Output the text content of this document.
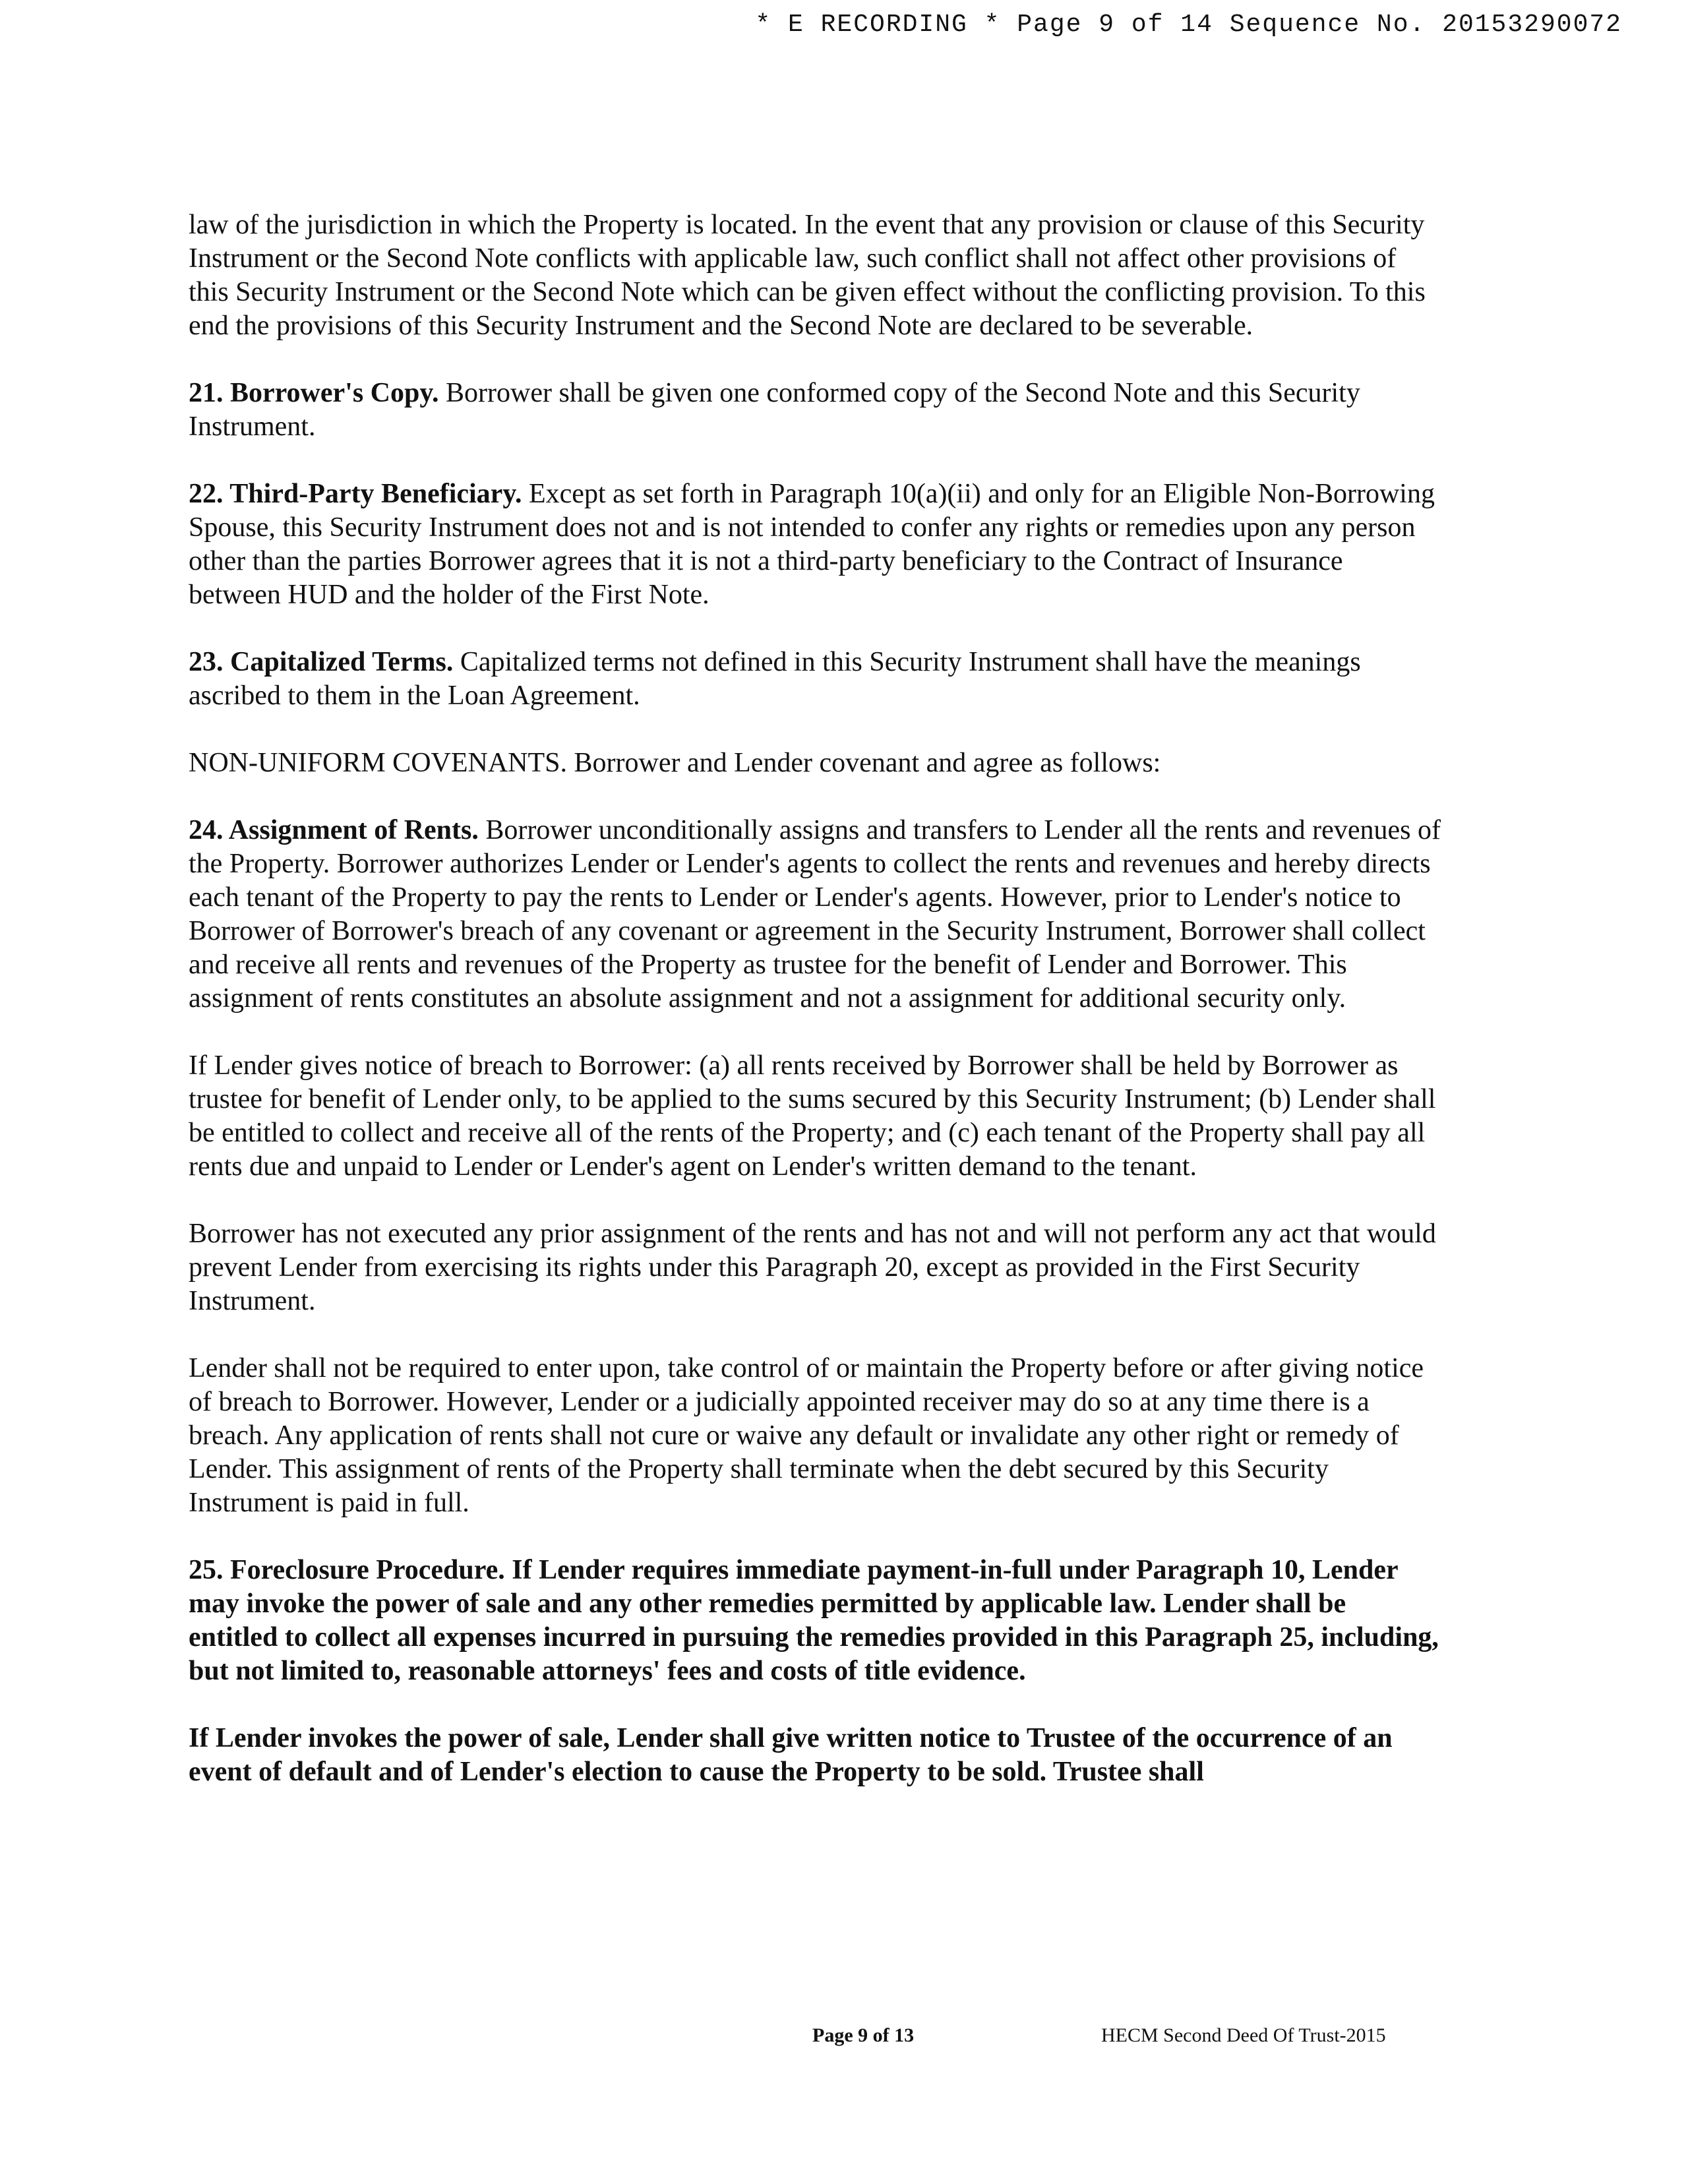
* E RECORDING * Page 9 of 14 Sequence No. 20153290072

law of the jurisdiction in which the Property is located. In the event that any provision or clause of this Security Instrument or the Second Note conflicts with applicable law, such conflict shall not affect other provisions of this Security Instrument or the Second Note which can be given effect without the conflicting provision. To this end the provisions of this Security Instrument and the Second Note are declared to be severable.

21. Borrower's Copy. Borrower shall be given one conformed copy of the Second Note and this Security Instrument.

22. Third-Party Beneficiary. Except as set forth in Paragraph 10(a)(ii) and only for an Eligible Non-Borrowing Spouse, this Security Instrument does not and is not intended to confer any rights or remedies upon any person other than the parties Borrower agrees that it is not a third-party beneficiary to the Contract of Insurance between HUD and the holder of the First Note.

23. Capitalized Terms. Capitalized terms not defined in this Security Instrument shall have the meanings ascribed to them in the Loan Agreement.

NON-UNIFORM COVENANTS. Borrower and Lender covenant and agree as follows:

24. Assignment of Rents. Borrower unconditionally assigns and transfers to Lender all the rents and revenues of the Property. Borrower authorizes Lender or Lender's agents to collect the rents and revenues and hereby directs each tenant of the Property to pay the rents to Lender or Lender's agents. However, prior to Lender's notice to Borrower of Borrower's breach of any covenant or agreement in the Security Instrument, Borrower shall collect and receive all rents and revenues of the Property as trustee for the benefit of Lender and Borrower. This assignment of rents constitutes an absolute assignment and not a assignment for additional security only.

If Lender gives notice of breach to Borrower: (a) all rents received by Borrower shall be held by Borrower as trustee for benefit of Lender only, to be applied to the sums secured by this Security Instrument; (b) Lender shall be entitled to collect and receive all of the rents of the Property; and (c) each tenant of the Property shall pay all rents due and unpaid to Lender or Lender's agent on Lender's written demand to the tenant.

Borrower has not executed any prior assignment of the rents and has not and will not perform any act that would prevent Lender from exercising its rights under this Paragraph 20, except as provided in the First Security Instrument.

Lender shall not be required to enter upon, take control of or maintain the Property before or after giving notice of breach to Borrower. However, Lender or a judicially appointed receiver may do so at any time there is a breach. Any application of rents shall not cure or waive any default or invalidate any other right or remedy of Lender. This assignment of rents of the Property shall terminate when the debt secured by this Security Instrument is paid in full.

25. Foreclosure Procedure. If Lender requires immediate payment-in-full under Paragraph 10, Lender may invoke the power of sale and any other remedies permitted by applicable law. Lender shall be entitled to collect all expenses incurred in pursuing the remedies provided in this Paragraph 25, including, but not limited to, reasonable attorneys' fees and costs of title evidence.

If Lender invokes the power of sale, Lender shall give written notice to Trustee of the occurrence of an event of default and of Lender's election to cause the Property to be sold. Trustee shall

Page 9 of 13	HECM Second Deed Of Trust-2015
